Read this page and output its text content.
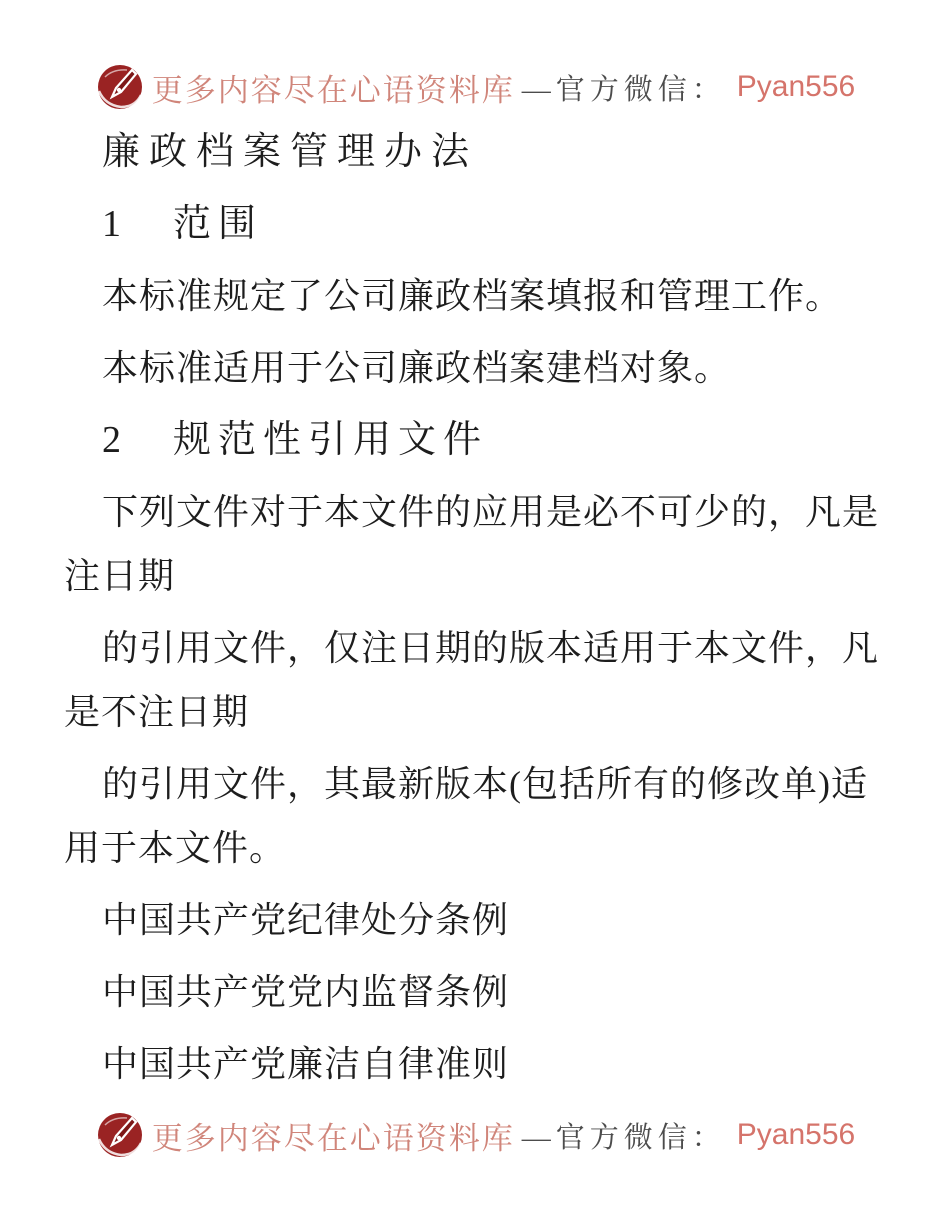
更多内容尽在心语资料库 —官方微信： Pyan556
廉政档案管理办法
1　范围
本标准规定了公司廉政档案填报和管理工作。
本标准适用于公司廉政档案建档对象。
2　规范性引用文件
下列文件对于本文件的应用是必不可少的，凡是
注日期
的引用文件，仅注日期的版本适用于本文件，凡
是不注日期
的引用文件，其最新版本(包括所有的修改单)适
用于本文件。
中国共产党纪律处分条例
中国共产党党内监督条例
中国共产党廉洁自律准则
更多内容尽在心语资料库 —官方微信： Pyan556
